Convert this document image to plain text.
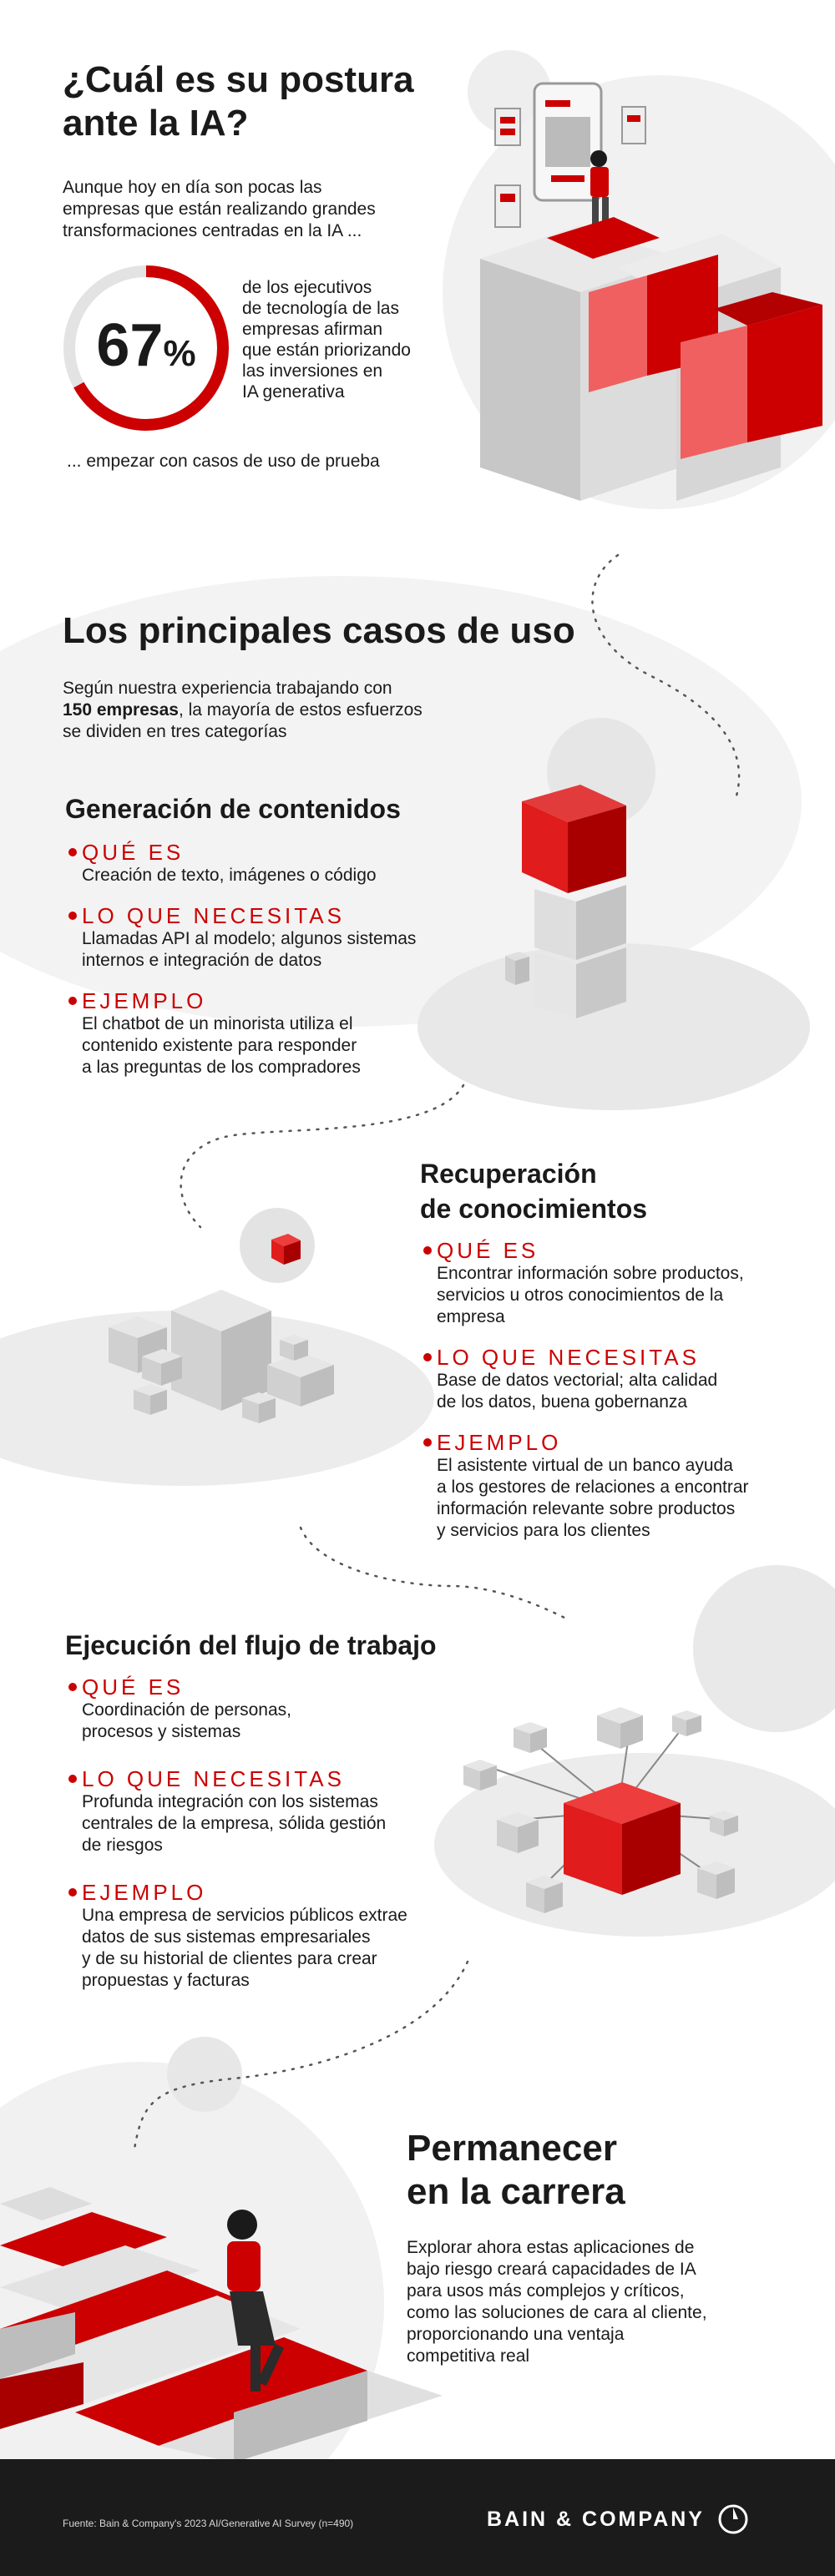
¿Cuál es su postura
ante la IA?
Aunque hoy en día son pocas las
empresas que están realizando grandes
transformaciones centradas en la IA ...
67%
de los ejecutivos
de tecnología de las
empresas afirman
que están priorizando
las inversiones en
IA generativa
... empezar con casos de uso de prueba
Los principales casos de uso
Según nuestra experiencia trabajando con
150 empresas, la mayoría de estos esfuerzos
se dividen en tres categorías
Generación de contenidos
QUÉ ES
Creación de texto, imágenes o código
LO QUE NECESITAS
Llamadas API al modelo; algunos sistemas
internos e integración de datos
EJEMPLO
El chatbot de un minorista utiliza el
contenido existente para responder
a las preguntas de los compradores
Recuperación
de conocimientos
QUÉ ES
Encontrar información sobre productos,
servicios u otros conocimientos de la
empresa
LO QUE NECESITAS
Base de datos vectorial; alta calidad
de los datos, buena gobernanza
EJEMPLO
El asistente virtual de un banco ayuda
a los gestores de relaciones a encontrar
información relevante sobre productos
y servicios para los clientes
Ejecución del flujo de trabajo
QUÉ ES
Coordinación de personas,
procesos y sistemas
LO QUE NECESITAS
Profunda integración con los sistemas
centrales de la empresa, sólida gestión
de riesgos
EJEMPLO
Una empresa de servicios públicos extrae
datos de sus sistemas empresariales
y de su historial de clientes para crear
propuestas y facturas
Permanecer
en la carrera
Explorar ahora estas aplicaciones de
bajo riesgo creará capacidades de IA
para usos más complejos y críticos,
como las soluciones de cara al cliente,
proporcionando una ventaja
competitiva real
Fuente: Bain & Company's 2023 AI/Generative AI Survey (n=490)	BAIN & COMPANY
